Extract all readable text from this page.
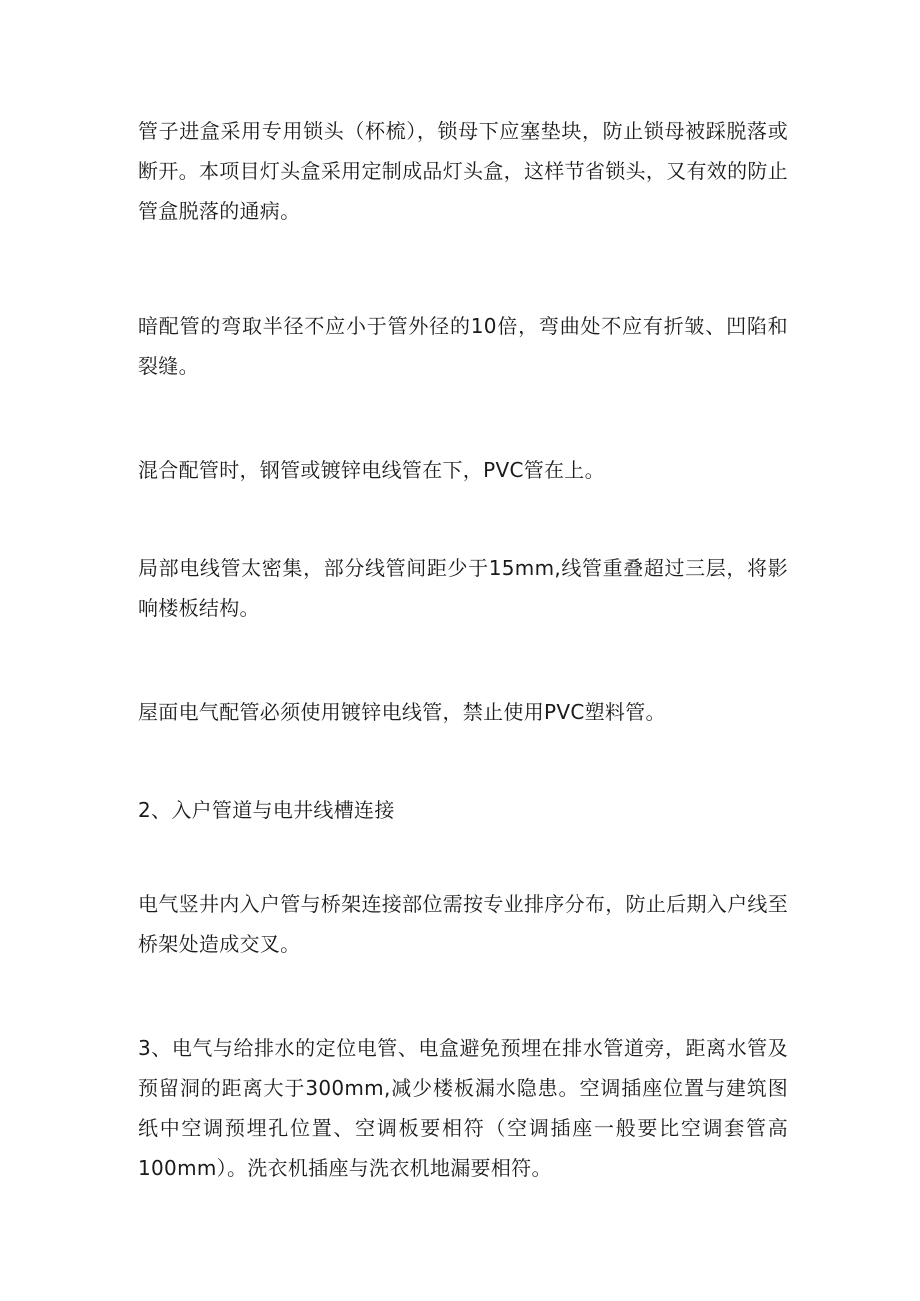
管子进盒采用专用锁头（杯梳），锁母下应塞垫块，防止锁母被踩脱落或断开。本项目灯头盒采用定制成品灯头盒，这样节省锁头，又有效的防止管盒脱落的通病。

暗配管的弯取半径不应小于管外径的10倍，弯曲处不应有折皱、凹陷和裂缝。

混合配管时，钢管或镀锌电线管在下，PVC管在上。

局部电线管太密集，部分线管间距少于15mm,线管重叠超过三层，将影响楼板结构。

屋面电气配管必须使用镀锌电线管，禁止使用PVC塑料管。

2、入户管道与电井线槽连接

电气竖井内入户管与桥架连接部位需按专业排序分布，防止后期入户线至桥架处造成交叉。

3、电气与给排水的定位电管、电盒避免预埋在排水管道旁，距离水管及预留洞的距离大于300mm,减少楼板漏水隐患。空调插座位置与建筑图纸中空调预埋孔位置、空调板要相符（空调插座一般要比空调套管高100mm）。洗衣机插座与洗衣机地漏要相符。
